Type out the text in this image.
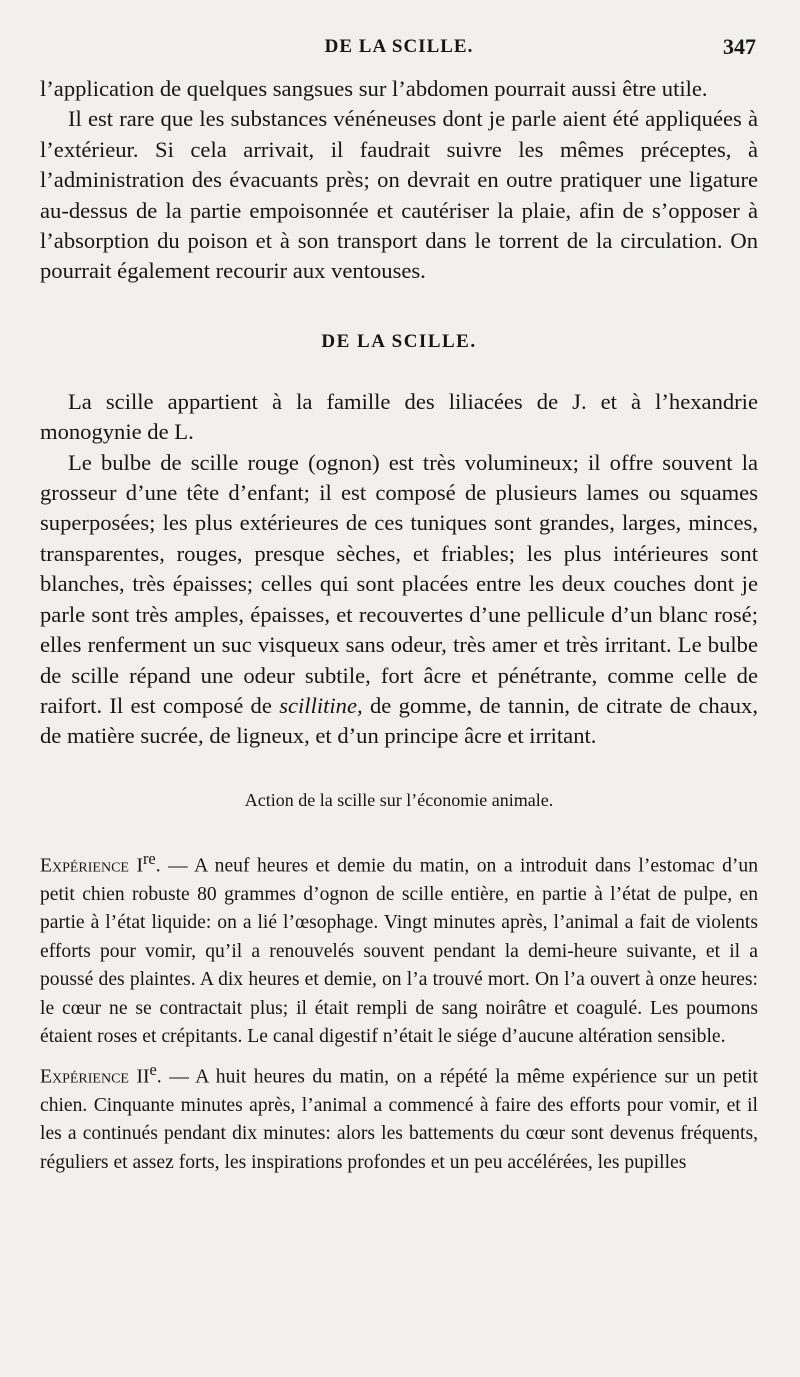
DE LA SCILLE.	347

l’application de quelques sangsues sur l’abdomen pourrait aussi être utile.

Il est rare que les substances vénéneuses dont je parle aient été appliquées à l’extérieur. Si cela arrivait, il faudrait suivre les mêmes préceptes, à l’administration des évacuants près; on devrait en outre pratiquer une ligature au-dessus de la partie empoisonnée et cautériser la plaie, afin de s’opposer à l’absorption du poison et à son transport dans le torrent de la circulation. On pourrait également recourir aux ventouses.

DE LA SCILLE.

La scille appartient à la famille des liliacées de J. et à l’hexandrie monogynie de L.

Le bulbe de scille rouge (ognon) est très volumineux; il offre souvent la grosseur d’une tête d’enfant; il est composé de plusieurs lames ou squames superposées; les plus extérieures de ces tuniques sont grandes, larges, minces, transparentes, rouges, presque sèches, et friables; les plus intérieures sont blanches, très épaisses; celles qui sont placées entre les deux couches dont je parle sont très amples, épaisses, et recouvertes d’une pellicule d’un blanc rosé; elles renferment un suc visqueux sans odeur, très amer et très irritant. Le bulbe de scille répand une odeur subtile, fort âcre et pénétrante, comme celle de raifort. Il est composé de scillitine, de gomme, de tannin, de citrate de chaux, de matière sucrée, de ligneux, et d’un principe âcre et irritant.

Action de la scille sur l’économie animale.

Expérience Ire. — A neuf heures et demie du matin, on a introduit dans l’estomac d’un petit chien robuste 80 grammes d’ognon de scille entière, en partie à l’état de pulpe, en partie à l’état liquide: on a lié l’œsophage. Vingt minutes après, l’animal a fait de violents efforts pour vomir, qu’il a renouvelés souvent pendant la demi-heure suivante, et il a poussé des plaintes. A dix heures et demie, on l’a trouvé mort. On l’a ouvert à onze heures: le cœur ne se contractait plus; il était rempli de sang noirâtre et coagulé. Les poumons étaient roses et crépitants. Le canal digestif n’était le siége d’aucune altération sensible.

Expérience IIe. — A huit heures du matin, on a répété la même expérience sur un petit chien. Cinquante minutes après, l’animal a commencé à faire des efforts pour vomir, et il les a continués pendant dix minutes: alors les battements du cœur sont devenus fréquents, réguliers et assez forts, les inspirations profondes et un peu accélérées, les pupilles
